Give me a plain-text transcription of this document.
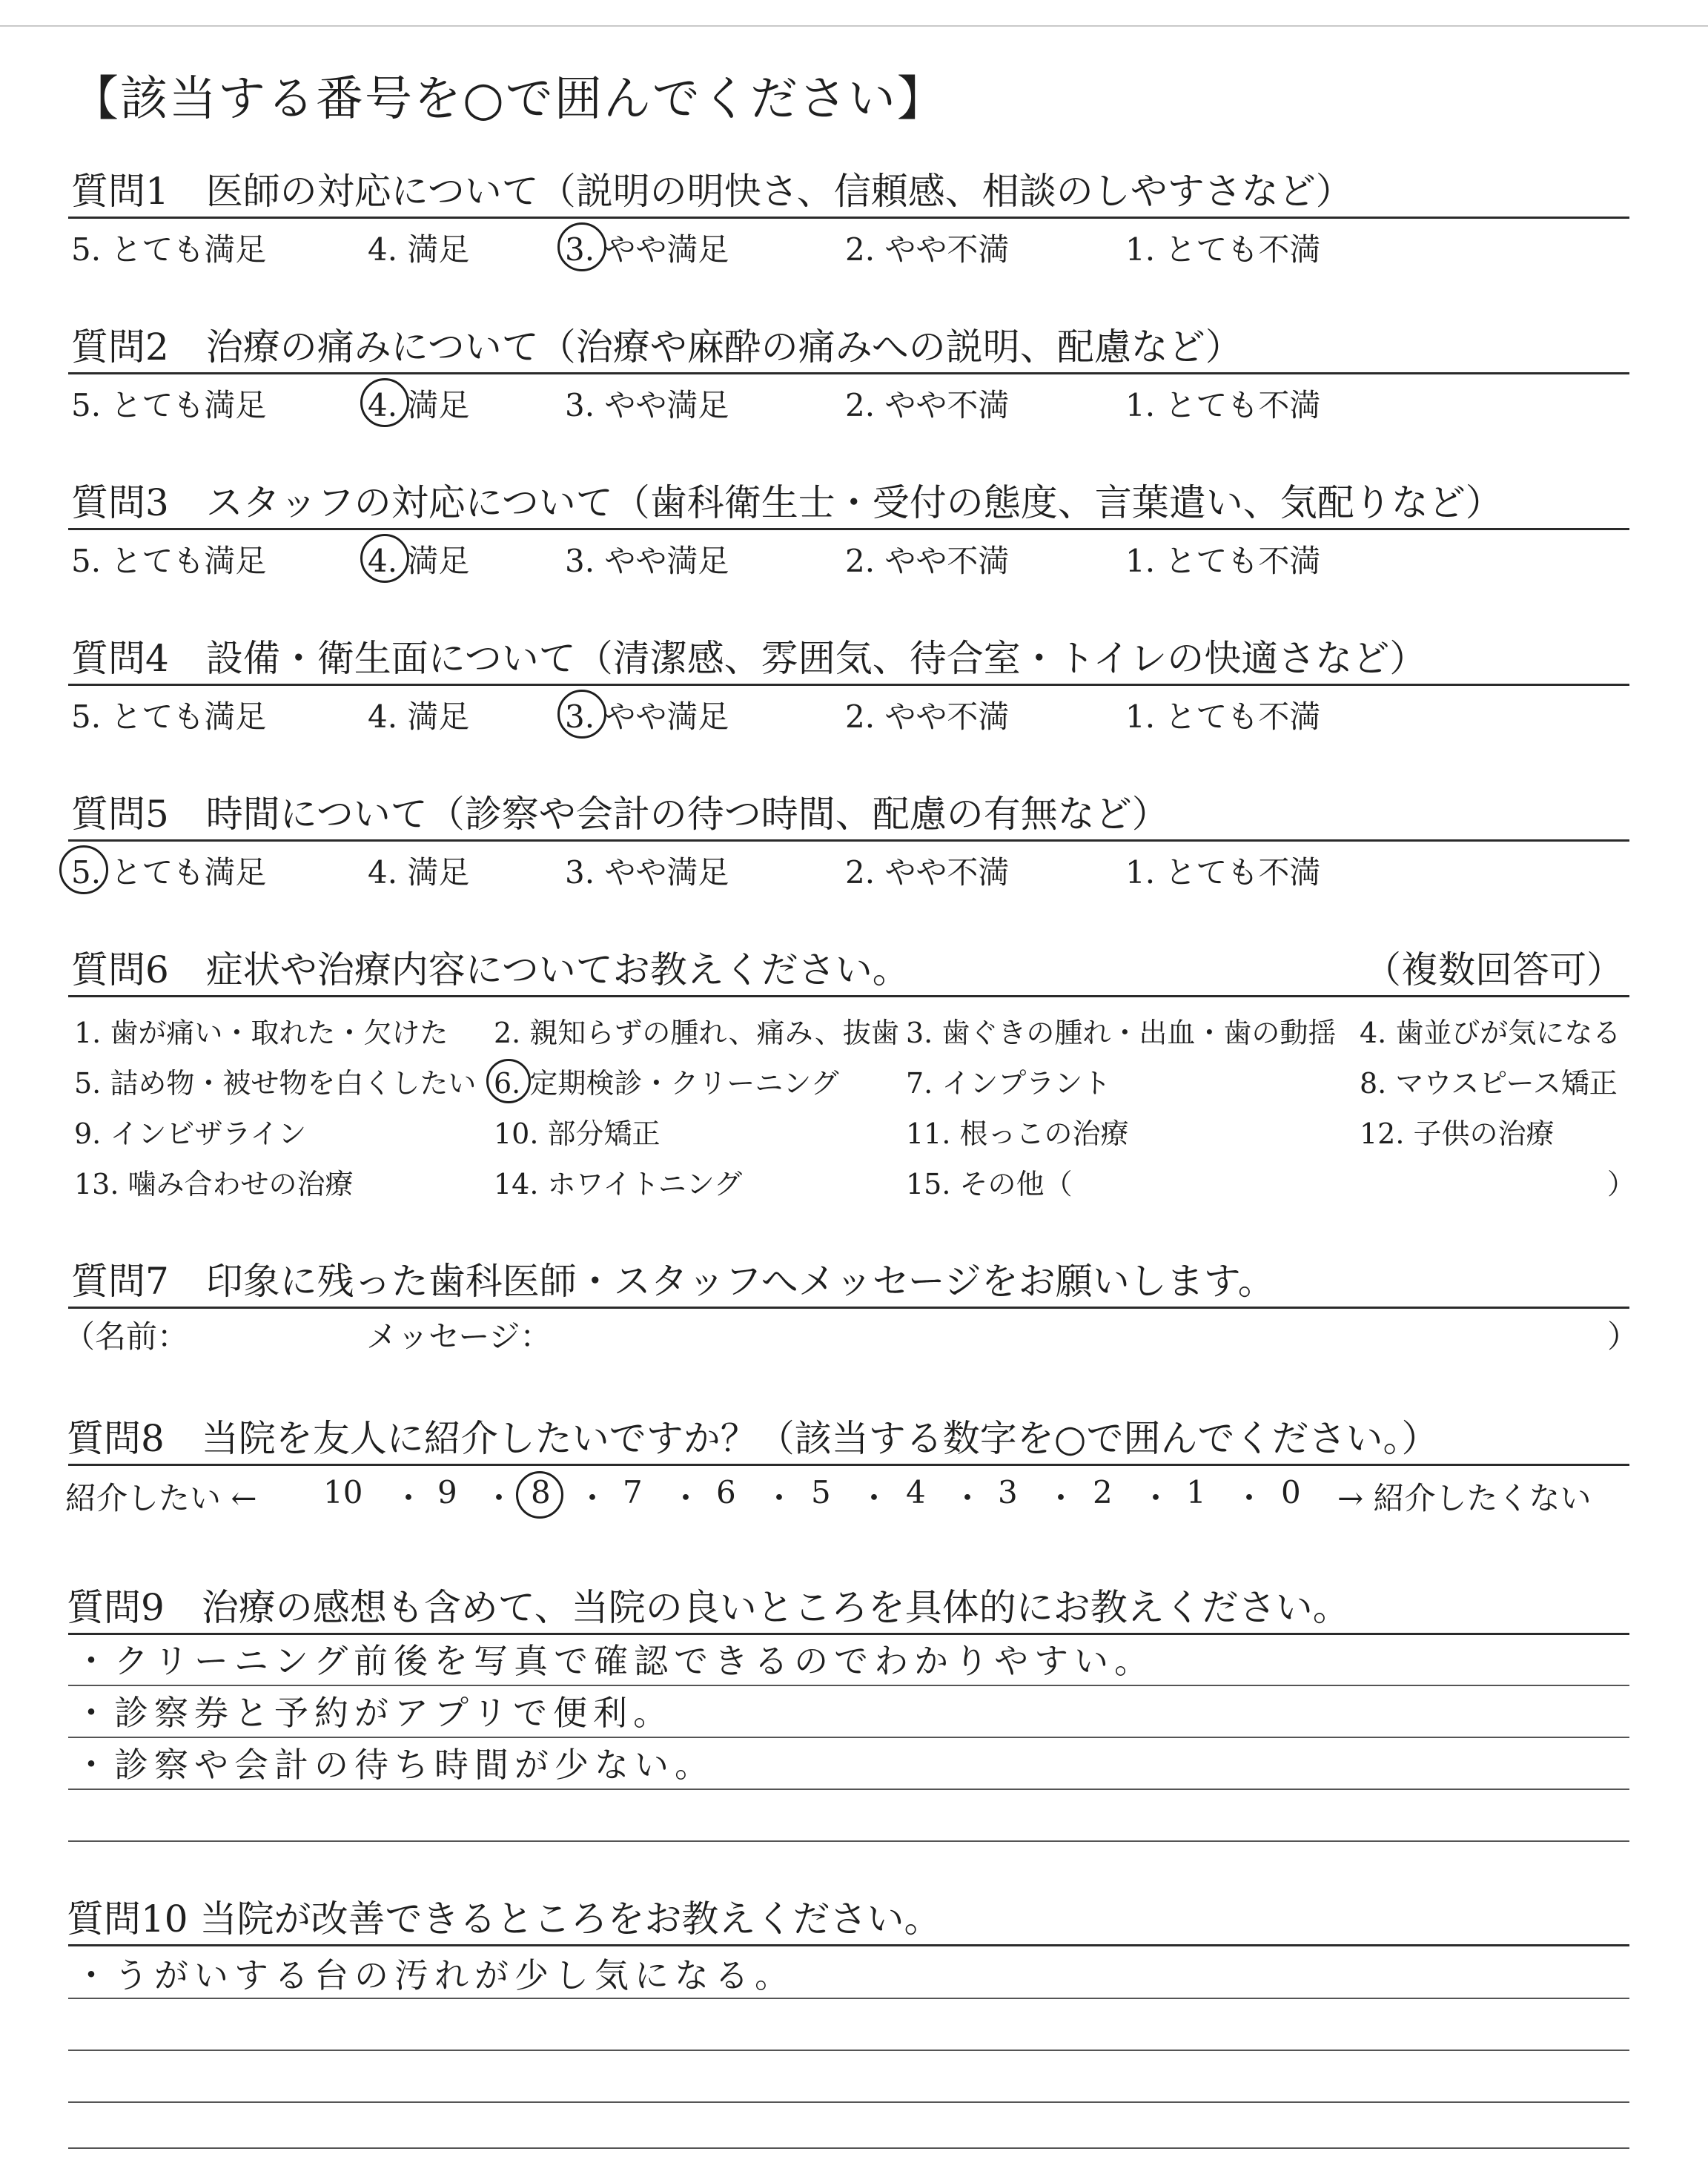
【該当する番号を○で囲んでください】
質問1　医師の対応について（説明の明快さ、信頼感、相談のしやすさなど）
5. とても満足	4. 満足	3. やや満足	2. やや不満	1. とても不満
質問2　治療の痛みについて（治療や麻酔の痛みへの説明、配慮など）
5. とても満足	4. 満足	3. やや満足	2. やや不満	1. とても不満
質問3　スタッフの対応について（歯科衛生士・受付の態度、言葉遣い、気配りなど）
5. とても満足	4. 満足	3. やや満足	2. やや不満	1. とても不満
質問4　設備・衛生面について（清潔感、雰囲気、待合室・トイレの快適さなど）
5. とても満足	4. 満足	3. やや満足	2. やや不満	1. とても不満
質問5　時間について（診察や会計の待つ時間、配慮の有無など）
5. とても満足	4. 満足	3. やや満足	2. やや不満	1. とても不満
質問6　症状や治療内容についてお教えください。	（複数回答可）
1. 歯が痛い・取れた・欠けた 2. 親知らずの腫れ、痛み、抜歯 3. 歯ぐきの腫れ・出血・歯の動揺 4. 歯並びが気になる
5. 詰め物・被せ物を白くしたい 6. 定期検診・クリーニング 7. インプラント	8. マウスピース矯正
9. インビザライン	10. 部分矯正	11. 根っこの治療	12. 子供の治療
13. 噛み合わせの治療	14. ホワイトニング	15. その他（	）
質問7　印象に残った歯科医師・スタッフへメッセージをお願いします。
（名前：	メッセージ：	）
質問8　当院を友人に紹介したいですか？（該当する数字を○で囲んでください。）
紹介したい ← 10 ・ 9 ・ 8 ・ 7 ・ 6 ・ 5 ・ 4 ・ 3 ・ 2 ・ 1 ・ 0 → 紹介したくない
質問9　治療の感想も含めて、当院の良いところを具体的にお教えください。
・クリーニング前後を写真で確認できるのでわかりやすい。
・診察券と予約がアプリで便利。
・診察や会計の待ち時間が少ない。
質問10 当院が改善できるところをお教えください。
・うがいする台の汚れが少し気になる。
